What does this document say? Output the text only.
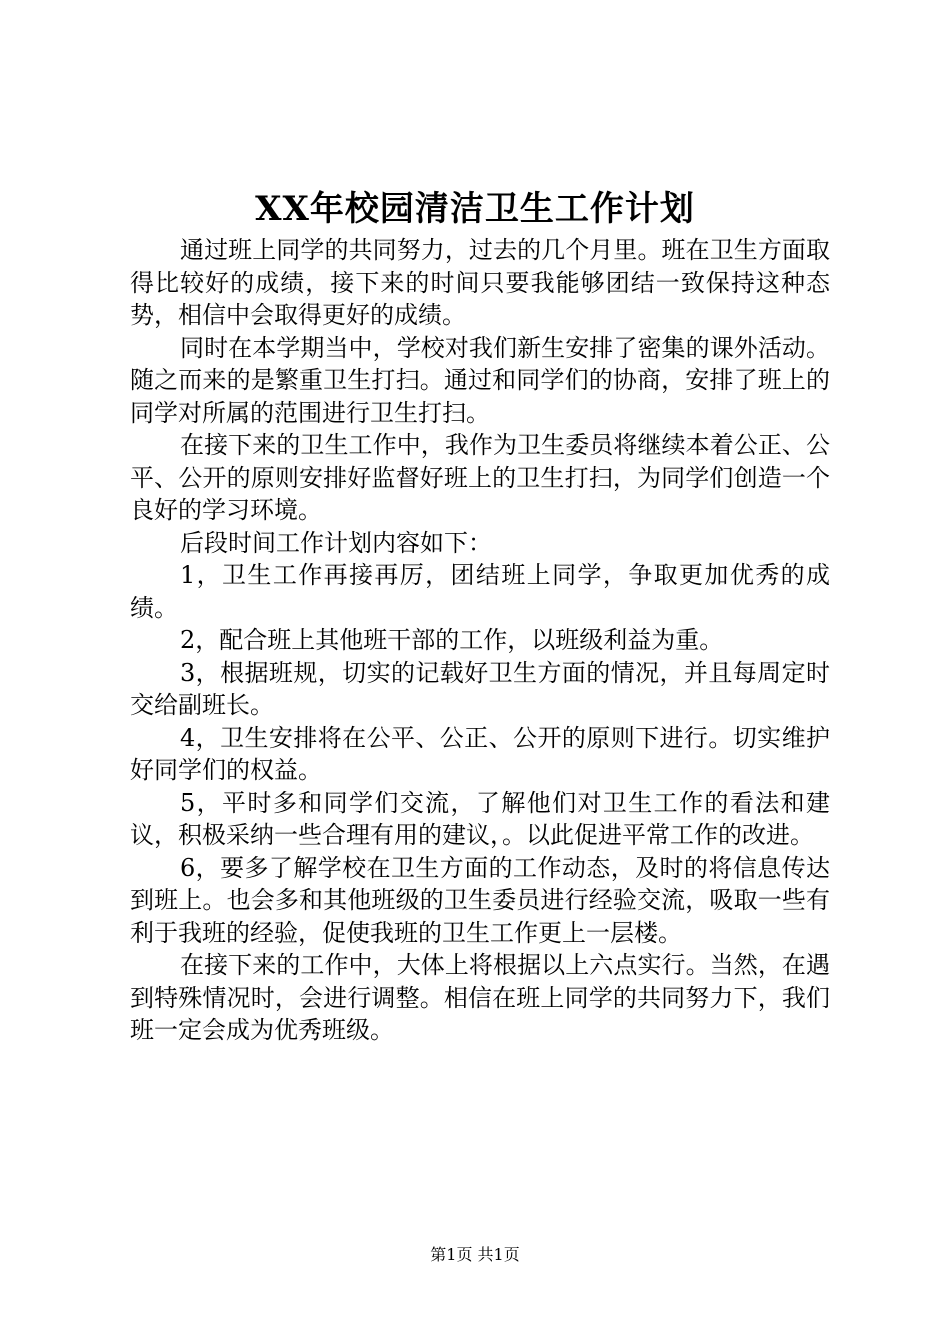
XX年校园清洁卫生工作计划

通过班上同学的共同努力，过去的几个月里。班在卫生方面取得比较好的成绩，接下来的时间只要我能够团结一致保持这种态势，相信中会取得更好的成绩。

同时在本学期当中，学校对我们新生安排了密集的课外活动。随之而来的是繁重卫生打扫。通过和同学们的协商，安排了班上的同学对所属的范围进行卫生打扫。

在接下来的卫生工作中，我作为卫生委员将继续本着公正、公平、公开的原则安排好监督好班上的卫生打扫，为同学们创造一个良好的学习环境。

后段时间工作计划内容如下：

1，卫生工作再接再厉，团结班上同学，争取更加优秀的成绩。

2，配合班上其他班干部的工作，以班级利益为重。

3，根据班规，切实的记载好卫生方面的情况，并且每周定时交给副班长。

4，卫生安排将在公平、公正、公开的原则下进行。切实维护好同学们的权益。

5，平时多和同学们交流，了解他们对卫生工作的看法和建议，积极采纳一些合理有用的建议，。以此促进平常工作的改进。

6，要多了解学校在卫生方面的工作动态，及时的将信息传达到班上。也会多和其他班级的卫生委员进行经验交流，吸取一些有利于我班的经验，促使我班的卫生工作更上一层楼。

在接下来的工作中，大体上将根据以上六点实行。当然，在遇到特殊情况时，会进行调整。相信在班上同学的共同努力下，我们班一定会成为优秀班级。

第1页 共1页
